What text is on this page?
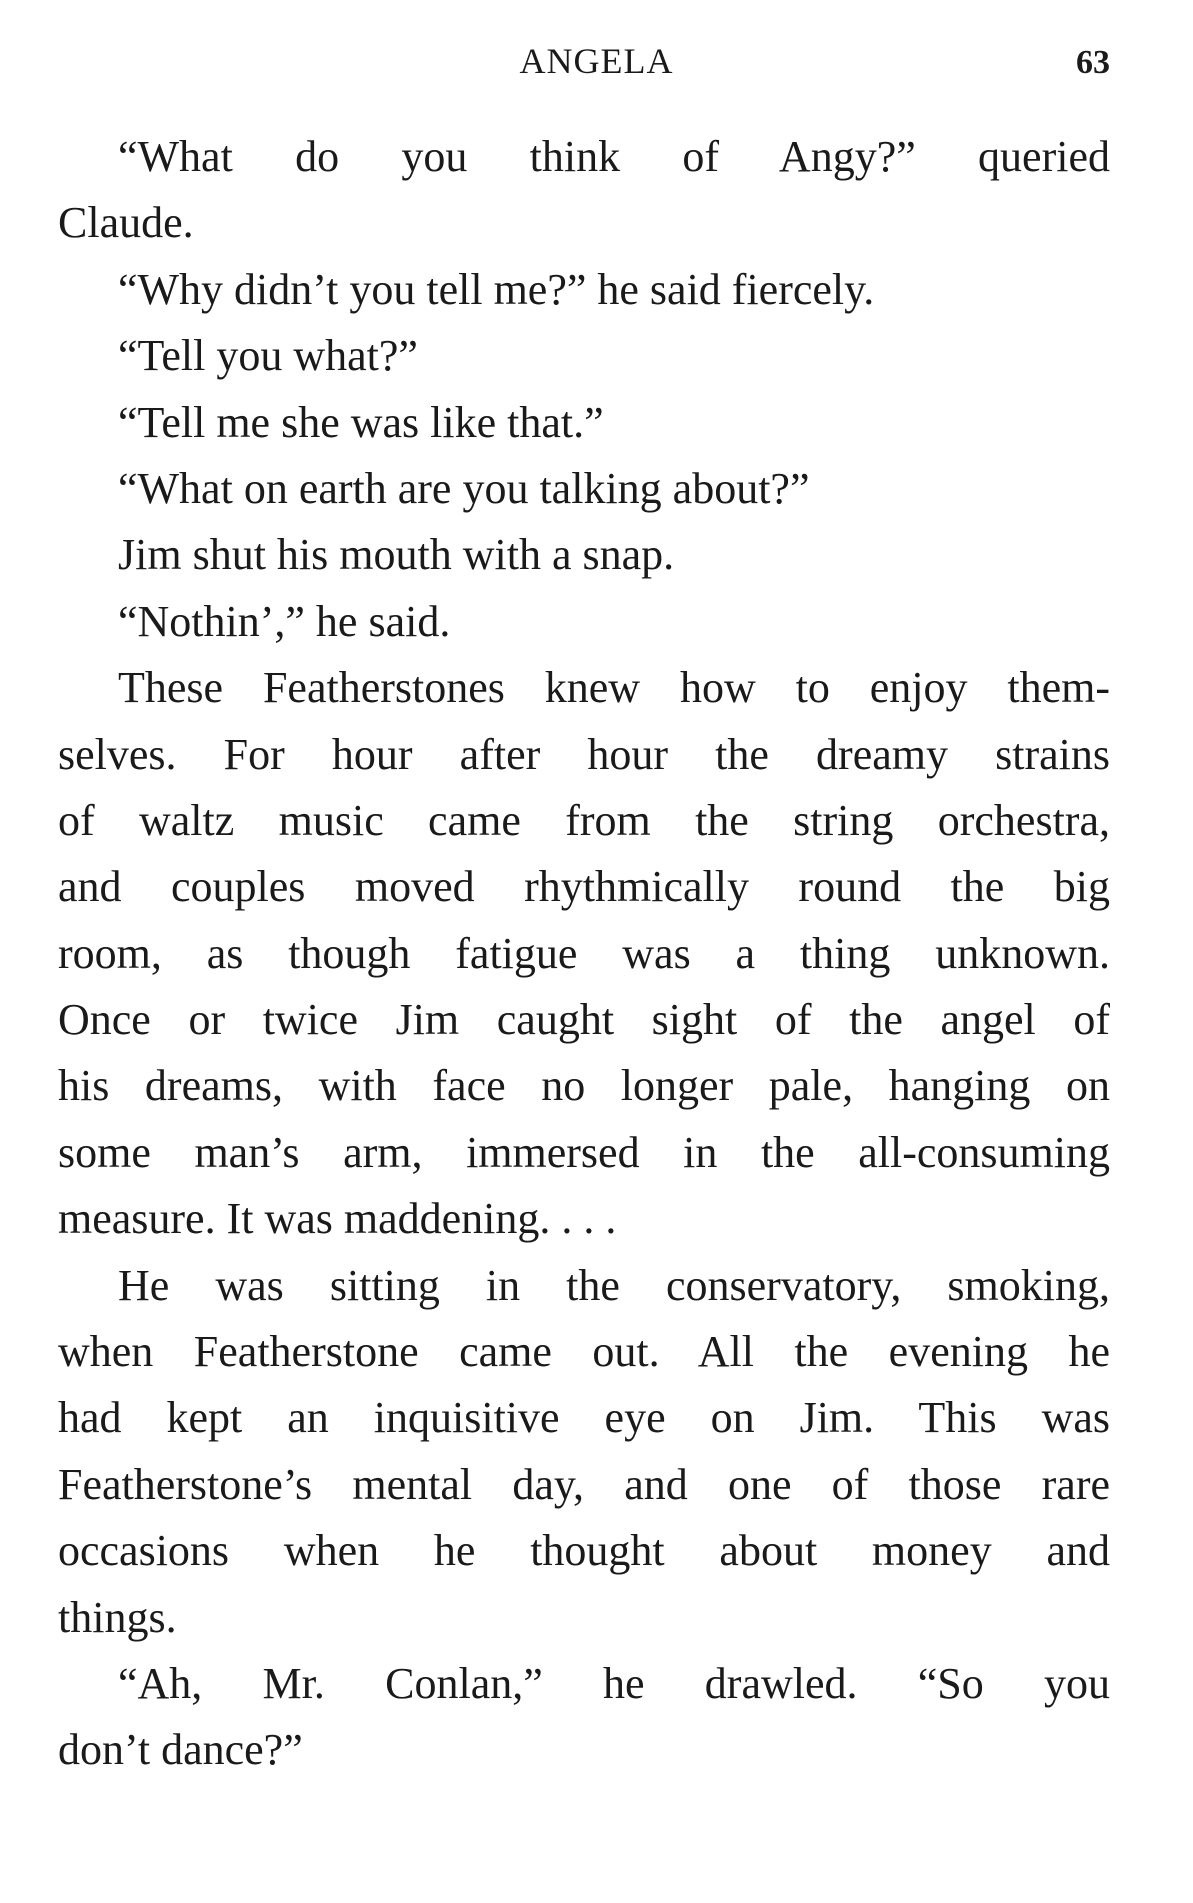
ANGELA	63
“What do you think of Angy?” queried
Claude.
“Why didn’t you tell me?” he said fiercely.
“Tell you what?”
“Tell me she was like that.”
“What on earth are you talking about?”
Jim shut his mouth with a snap.
“Nothin’,” he said.
These Featherstones knew how to enjoy them-
selves. For hour after hour the dreamy strains
of waltz music came from the string orchestra,
and couples moved rhythmically round the big
room, as though fatigue was a thing unknown.
Once or twice Jim caught sight of the angel of
his dreams, with face no longer pale, hanging on
some man’s arm, immersed in the all-consuming
measure. It was maddening. . . .
He was sitting in the conservatory, smoking,
when Featherstone came out. All the evening he
had kept an inquisitive eye on Jim. This was
Featherstone’s mental day, and one of those rare
occasions when he thought about money and
things.
“Ah, Mr. Conlan,” he drawled. “So you
don’t dance?”
